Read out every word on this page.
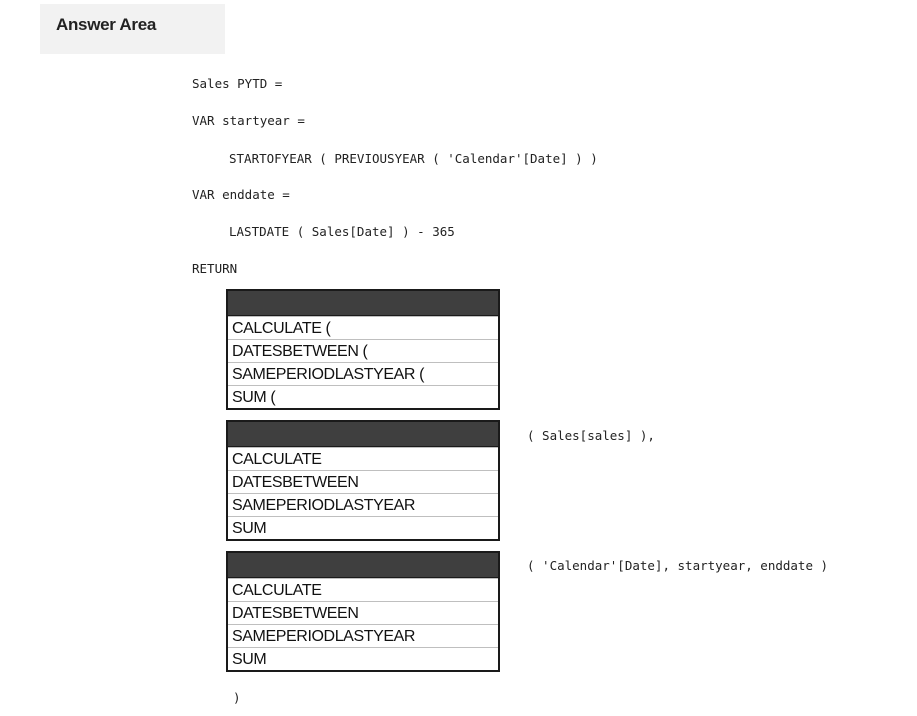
Answer Area
Sales PYTD =
VAR startyear =
STARTOFYEAR ( PREVIOUSYEAR ( 'Calendar'[Date] ) )
VAR enddate =
LASTDATE ( Sales[Date] ) - 365
RETURN
CALCULATE (
DATESBETWEEN (
SAMEPERIODLASTYEAR (
SUM (
CALCULATE
DATESBETWEEN
SAMEPERIODLASTYEAR
SUM
( Sales[sales] ),
CALCULATE
DATESBETWEEN
SAMEPERIODLASTYEAR
SUM
( 'Calendar'[Date], startyear, enddate )
)
